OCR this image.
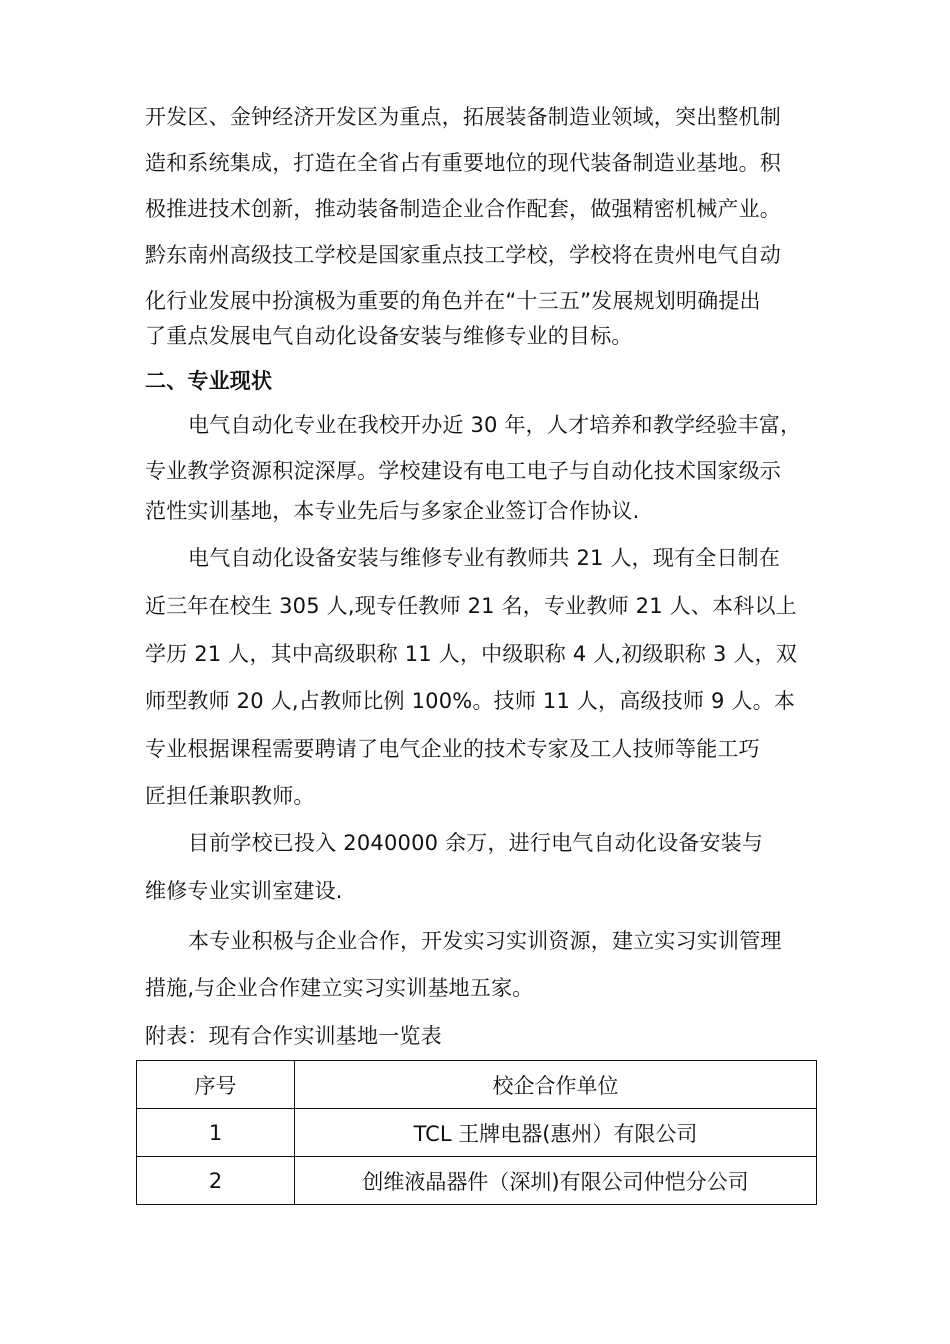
开发区、金钟经济开发区为重点，拓展装备制造业领域，突出整机制
造和系统集成，打造在全省占有重要地位的现代装备制造业基地。积
极推进技术创新，推动装备制造企业合作配套，做强精密机械产业。
黔东南州高级技工学校是国家重点技工学校，学校将在贵州电气自动
化行业发展中扮演极为重要的角色并在“十三五”发展规划明确提出
了重点发展电气自动化设备安装与维修专业的目标。
二、专业现状
电气自动化专业在我校开办近 30 年，人才培养和教学经验丰富，
专业教学资源积淀深厚。学校建设有电工电子与自动化技术国家级示
范性实训基地，本专业先后与多家企业签订合作协议.
电气自动化设备安装与维修专业有教师共 21 人，现有全日制在
近三年在校生 305 人,现专任教师 21 名，专业教师 21 人、本科以上
学历 21 人，其中高级职称 11 人，中级职称 4 人,初级职称 3 人，双
师型教师 20 人,占教师比例 100%。技师 11 人，高级技师 9 人。本
专业根据课程需要聘请了电气企业的技术专家及工人技师等能工巧
匠担任兼职教师。
目前学校已投入 2040000 余万，进行电气自动化设备安装与
维修专业实训室建设.
本专业积极与企业合作，开发实习实训资源，建立实习实训管理
措施,与企业合作建立实习实训基地五家。
附表：现有合作实训基地一览表
序号	校企合作单位
1	TCL 王牌电器(惠州）有限公司
2	创维液晶器件（深圳)有限公司仲恺分公司
